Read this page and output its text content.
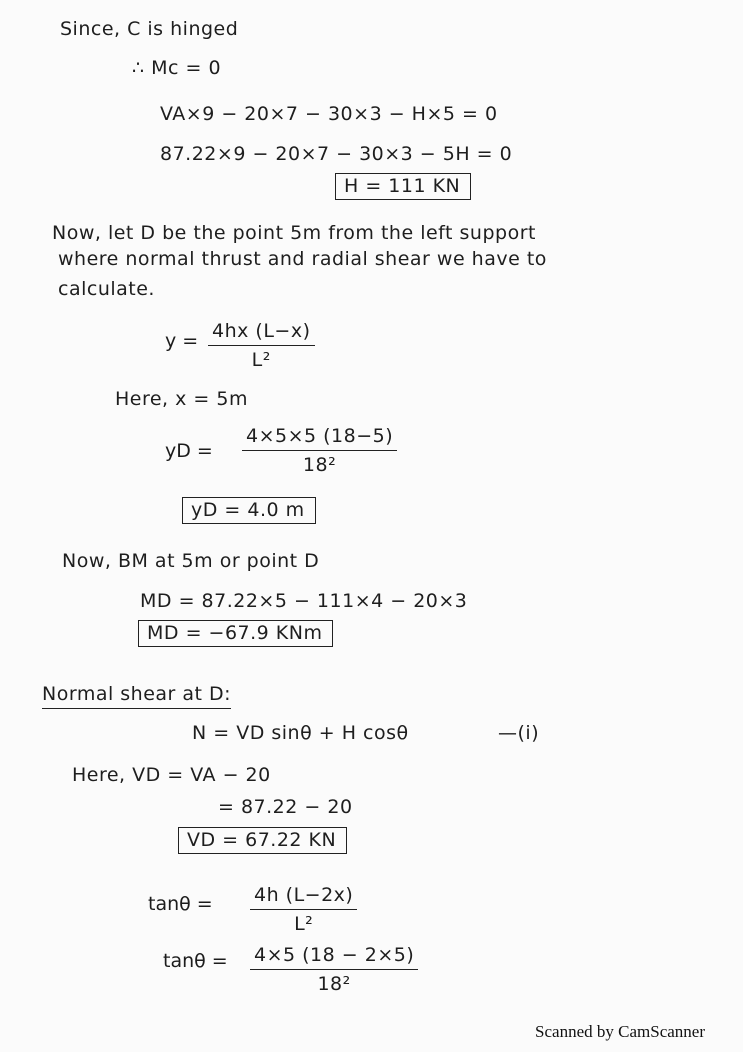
Since, C is hinged
∴ Mc = 0
VA×9 − 20×7 − 30×3 − H×5 = 0
87.22×9 − 20×7 − 30×3 − 5H = 0
H = 111 KN
Now, let D be the point 5m from the left support
where normal thrust and radial shear we have to
calculate.
$y = \frac{4hx (L-x)}{\text{L²}}$
Here, x = 5m
yD = $\frac{4\times 5\times 5 (18-5)}{\text{18²}}$
yD = 4.0 m
Now, BM at 5m or point D
MD = 87.22×5 − 111×4 − 20×3
MD = −67.9 KNm
Normal shear at D:
N = VD sinθ + H cosθ	—(i)
Here, VD = VA − 20
= 87.22 − 20
VD = 67.22 KN
$\tan\theta = \frac{4h (L-2x)}{\text{L²}}$
$\tan\theta = \frac{4\times 5 (18 - 2\times 5)}{\text{18²}}$
Scanned by CamScanner
